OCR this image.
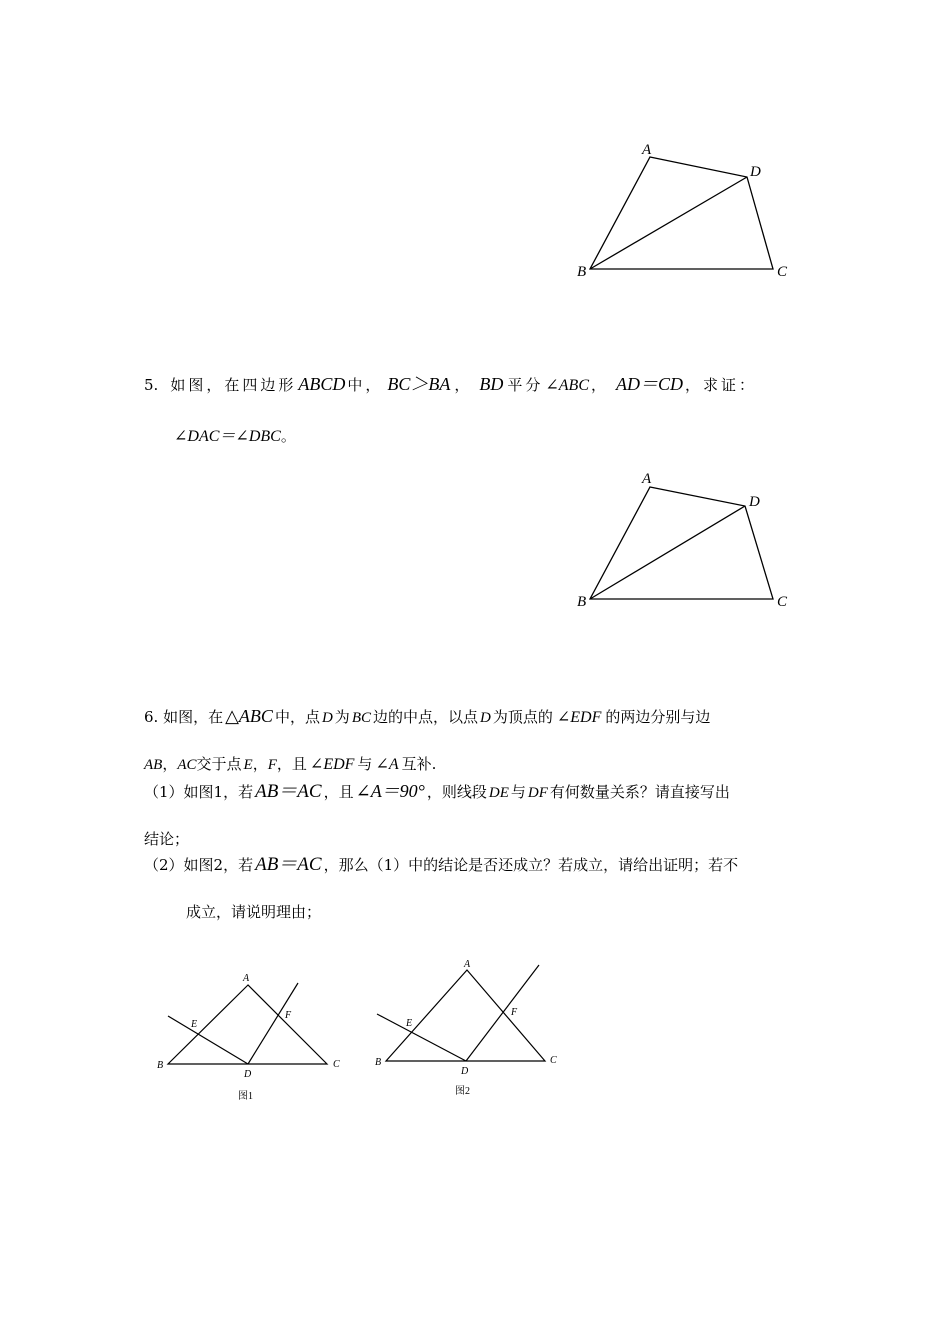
A
D
B	C
5. 如图，在四边形 ABCD 中， BC＞BA ， BD 平分 ∠ABC ， AD＝CD ，求证：
∠DAC＝∠DBC。
A
D
B	C
6. 如图，在 △ABC 中，点 D 为 BC 边的中点，以点 D 为顶点的 ∠EDF 的两边分别与边
AB，AC交于点 E，F，且 ∠EDF 与 ∠A 互补.
（1）如图1，若 AB＝AC ，且 ∠A＝90° ，则线段 DE 与 DF 有何数量关系？请直接写出
结论；
（2）如图2，若 AB＝AC ，那么（1）中的结论是否还成立？若成立，请给出证明；若不
成立，请说明理由；
A
E
F
B	C
D
图1
A
E
F
B	C
D
图2
